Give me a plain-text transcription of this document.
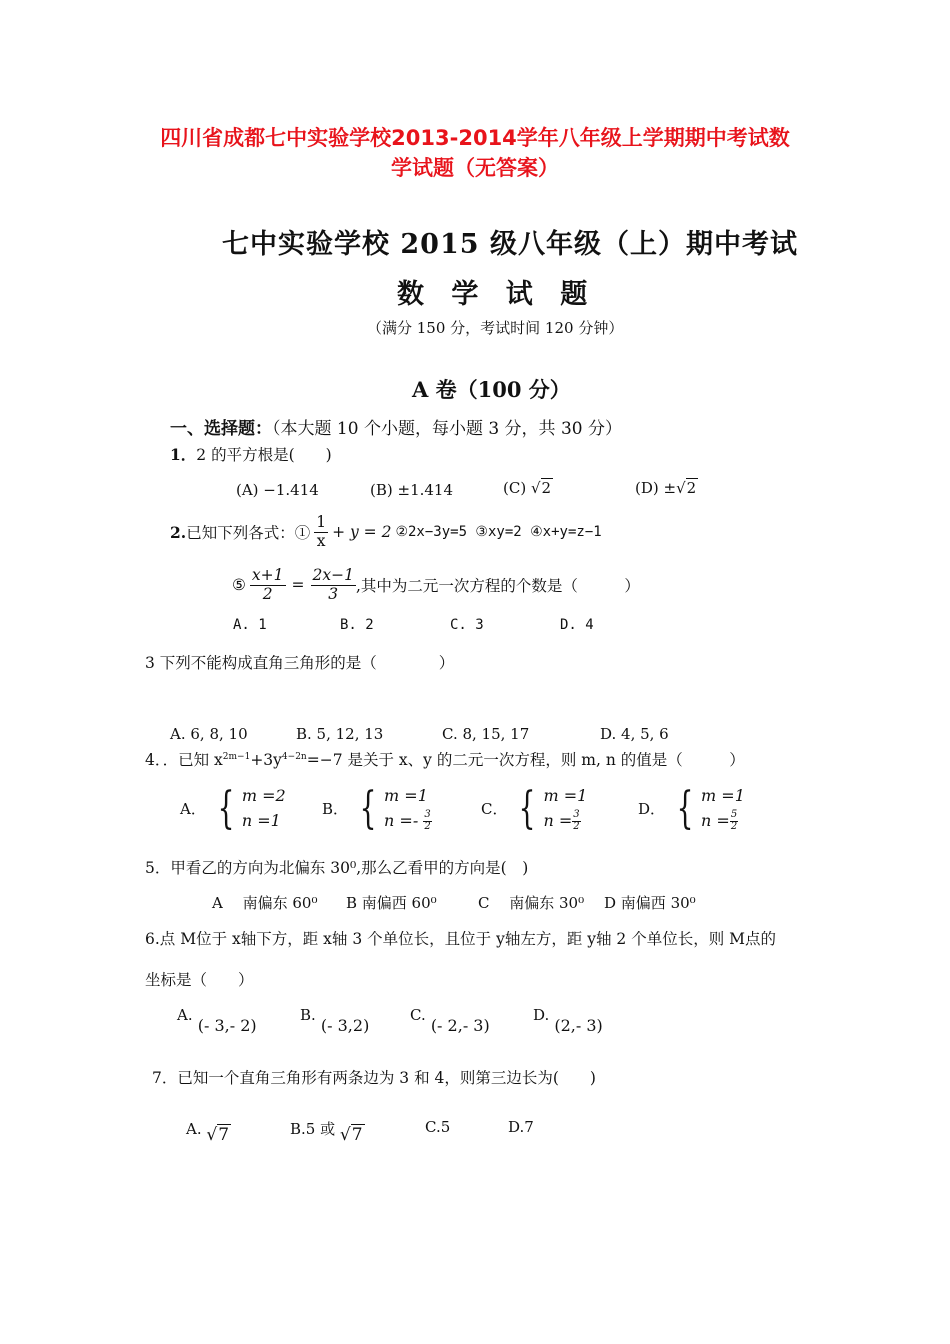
四川省成都七中实验学校2013-2014学年八年级上学期期中考试数
学试题（无答案）
七中实验学校 2015 级八年级（上）期中考试
数 学 试 题
（满分 150 分，考试时间 120 分钟）
A 卷（100 分）
一、选择题：（本大题 10 个小题，每小题 3 分，共 30 分）
1．2 的平方根是(　　)
(A) −1.414	(B) ±1.414	(C) √ 2	(D) ±√ 2
2. 已知下列各式：① $\frac{1}{x} + y = 2$ ②2x−3y=5 ③xy=2 ④x+y=z−1
⑤ $\frac{x+1}{2} = \frac{2x-1}{3}$ ,其中为二元一次方程的个数是（　　　）
A. 1	B. 2	C. 3	D. 4
3 下列不能构成直角三角形的是（　　　　）
A. 6, 8, 10	B. 5, 12, 13	C. 8, 15, 17	D. 4, 5, 6
4．．已知 $x^{2m-1}+3y^{4-2n}=-7$ 是关于 x、y 的二元一次方程，则 m, n 的值是（　　　）
A． { m =2
n =1
B． { m =1
$n =- \frac{3}{2}$
C． { m =1
$n = \frac{3}{2}$
D． { m =1
$n = \frac{5}{2}$
5．甲看乙的方向为北偏东 30⁰,那么乙看甲的方向是(　)
A　 南偏东 60⁰ B 南偏西 60⁰	C　 南偏东 30⁰ D 南偏西 30⁰
6.点 M位于 x轴下方，距 x轴 3 个单位长，且位于 y轴左方，距 y轴 2 个单位长，则 M点的
坐标是（　　）
A. (- 3,- 2)
B. (- 3,2)
C. (- 2,- 3)
D. (2,- 3)
7．已知一个直角三角形有两条边为 3 和 4，则第三边长为(　　)
A. √ 7	B.5 或 √ 7	C.5	D.7
